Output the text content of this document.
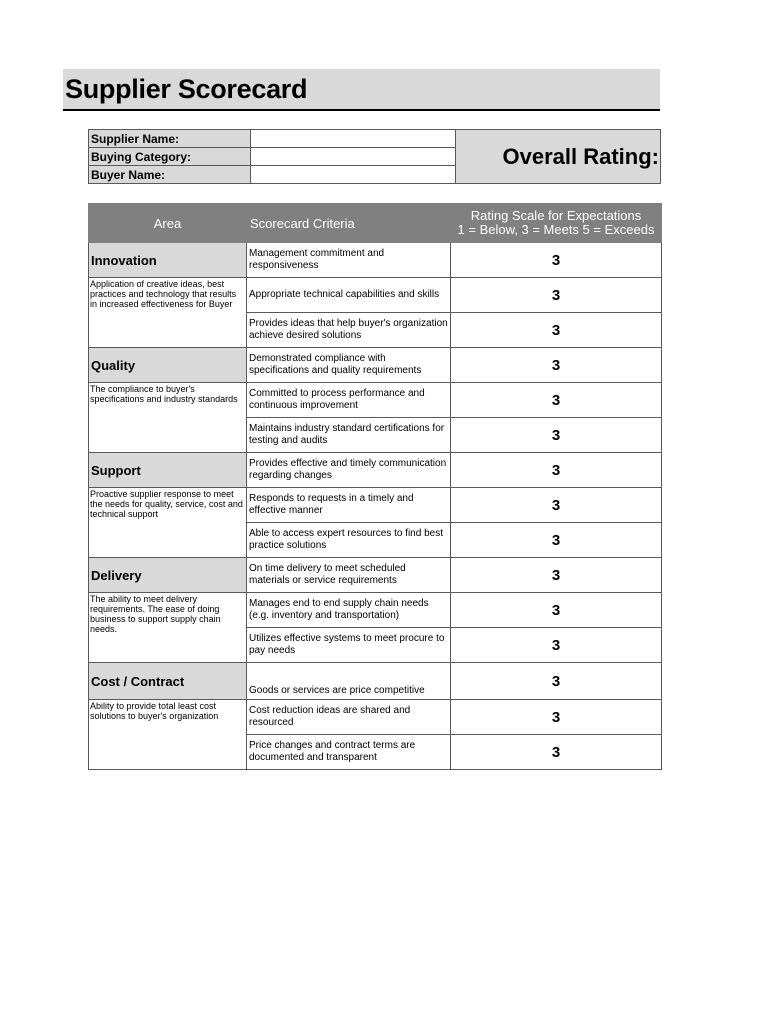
Supplier Scorecard
Supplier Name:		Overall Rating:
Buying Category:		
Buyer Name:		
Area	Scorecard Criteria	Rating Scale for Expectations
1 = Below, 3 = Meets 5 = Exceeds

Innovation	Management commitment and responsiveness	3
Application of creative ideas, best practices and technology that results in increased effectiveness for Buyer	Appropriate technical capabilities and skills	3
	Provides ideas that help buyer's organization achieve desired solutions	3
Quality	Demonstrated compliance with specifications and quality requirements	3
The compliance to buyer's specifications and industry standards	Committed to process performance and continuous improvement	3
	Maintains industry standard certifications for testing and audits	3
Support	Provides effective and timely communication regarding changes	3
Proactive supplier response to meet the needs for quality, service, cost and technical support	Responds to requests in a timely and effective manner	3
	Able to access expert resources to find best practice solutions	3
Delivery	On time delivery to meet scheduled materials or service requirements	3
The ability to meet delivery requirements. The ease of doing business to support supply chain needs.	Manages end to end supply chain needs (e.g. inventory and transportation)	3
	Utilizes effective systems to meet procure to pay needs	3
Cost / Contract	Goods or services are price competitive	3
Ability to provide total least cost solutions to buyer's organization	Cost reduction ideas are shared and resourced	3
	Price changes and contract terms are documented and transparent	3
